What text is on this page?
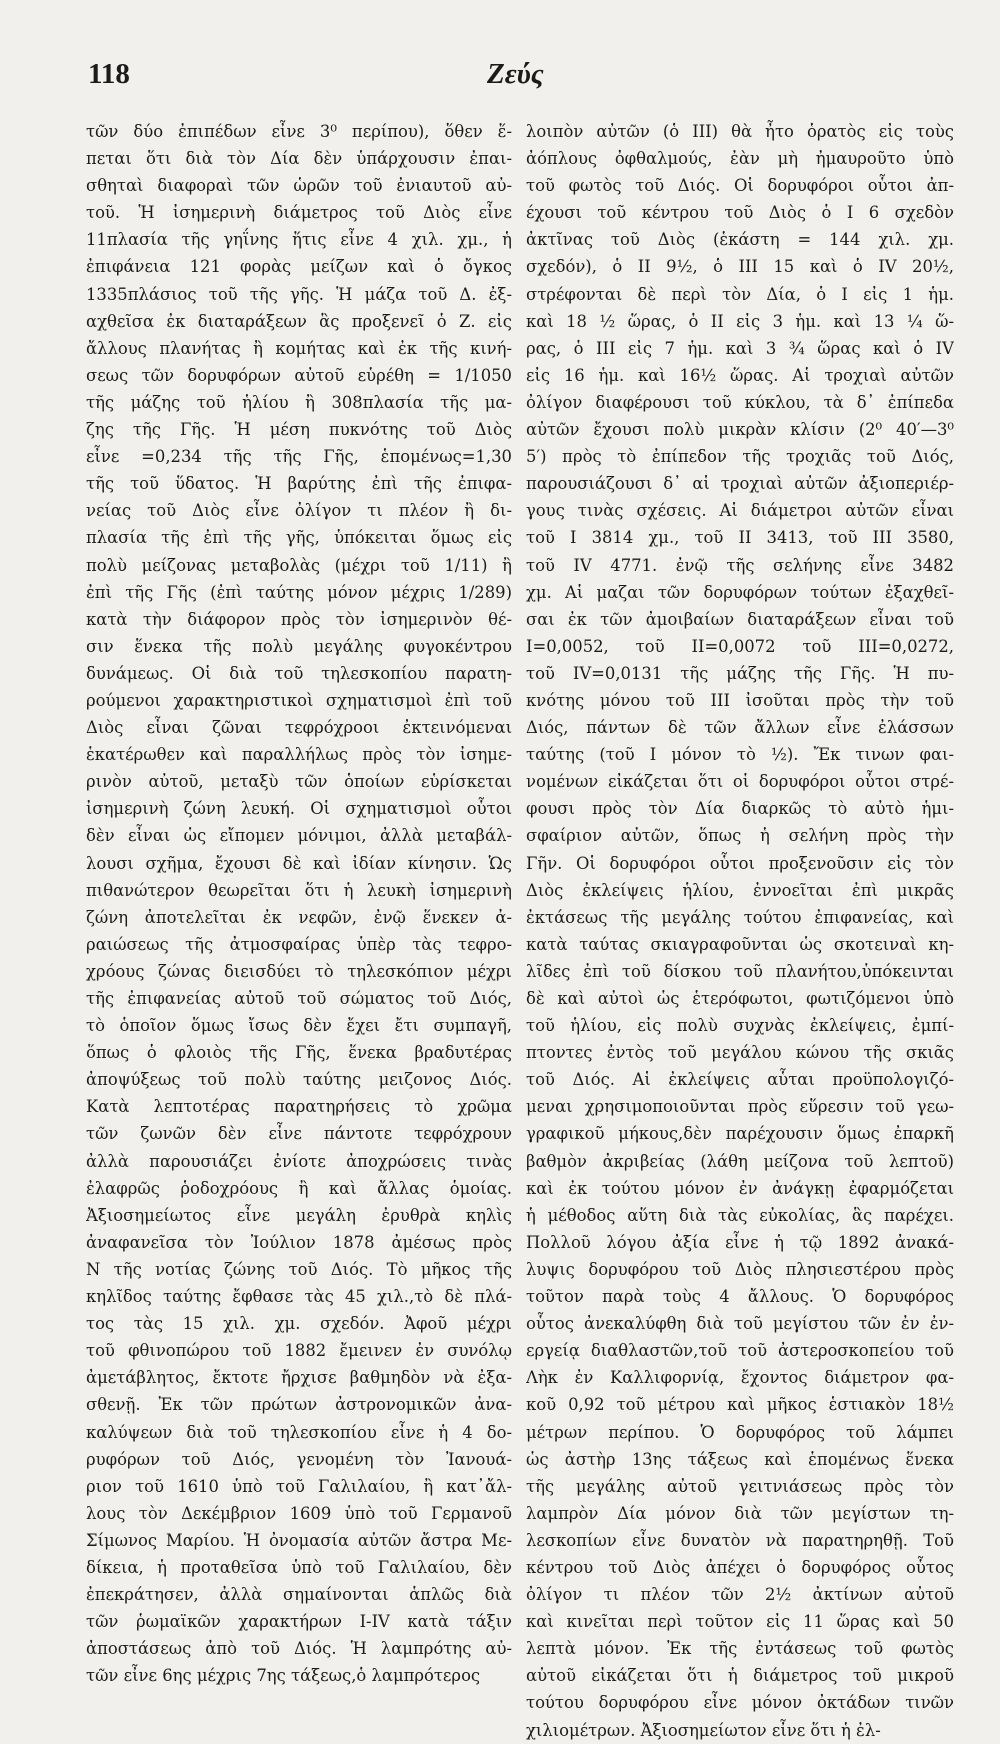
118	Ζεύς
τῶν δύο ἐπιπέδων εἶνε 3⁰ περίπου), ὅθεν ἕ-
πεται ὅτι διὰ τὸν Δία δὲν ὑπάρχουσιν ἐπαι-
σθηταὶ διαφοραὶ τῶν ὡρῶν τοῦ ἐνιαυτοῦ αὐ-
τοῦ. Ἡ ἰσημερινὴ διάμετρος τοῦ Διὸς εἶνε
11πλασία τῆς γηΐνης ἥτις εἶνε 4 χιλ. χμ., ἡ
ἐπιφάνεια 121 φορὰς μείζων καὶ ὁ ὄγκος
1335πλάσιος τοῦ τῆς γῆς. Ἡ μάζα τοῦ Δ. ἐξ-
αχθεῖσα ἐκ διαταράξεων ἃς προξενεῖ ὁ Ζ. εἰς
ἄλλους πλανήτας ἢ κομήτας καὶ ἐκ τῆς κινή-
σεως τῶν δορυφόρων αὐτοῦ εὑρέθη = 1/1050
τῆς μάζης τοῦ ἡλίου ἢ 308πλασία τῆς μα-
ζης τῆς Γῆς. Ἡ μέση πυκνότης τοῦ Διὸς
εἶνε =0,234 τῆς τῆς Γῆς, ἑπομένως=1,30
τῆς τοῦ ὕδατος. Ἡ βαρύτης ἐπὶ τῆς ἐπιφα-
νείας τοῦ Διὸς εἶνε ὀλίγον τι πλέον ἢ δι-
πλασία τῆς ἐπὶ τῆς γῆς, ὑπόκειται ὅμως εἰς
πολὺ μείζονας μεταβολὰς (μέχρι τοῦ 1/11) ἢ
ἐπὶ τῆς Γῆς (ἐπὶ ταύτης μόνον μέχρις 1/289)
κατὰ τὴν διάφορον πρὸς τὸν ἰσημερινὸν θέ-
σιν ἕνεκα τῆς πολὺ μεγάλης φυγοκέντρου
δυνάμεως. Οἱ διὰ τοῦ τηλεσκοπίου παρατη-
ρούμενοι χαρακτηριστικοὶ σχηματισμοὶ ἐπὶ τοῦ
Διὸς εἶναι ζῶναι τεφρόχροοι ἐκτεινόμεναι
ἑκατέρωθεν καὶ παραλλήλως πρὸς τὸν ἰσημε-
ρινὸν αὐτοῦ, μεταξὺ τῶν ὁποίων εὑρίσκεται
ἰσημερινὴ ζώνη λευκή. Οἱ σχηματισμοὶ οὗτοι
δὲν εἶναι ὡς εἴπομεν μόνιμοι, ἀλλὰ μεταβάλ-
λουσι σχῆμα, ἔχουσι δὲ καὶ ἰδίαν κίνησιν. Ὡς
πιθανώτερον θεωρεῖται ὅτι ἡ λευκὴ ἰσημερινὴ
ζώνη ἀποτελεῖται ἐκ νεφῶν, ἐνῷ ἕνεκεν ἀ-
ραιώσεως τῆς ἀτμοσφαίρας ὑπὲρ τὰς τεφρο-
χρόους ζώνας διεισδύει τὸ τηλεσκόπιον μέχρι
τῆς ἐπιφανείας αὐτοῦ τοῦ σώματος τοῦ Διός,
τὸ ὁποῖον ὅμως ἴσως δὲν ἔχει ἔτι συμπαγῆ,
ὅπως ὁ φλοιὸς τῆς Γῆς, ἕνεκα βραδυτέρας
ἀποψύξεως τοῦ πολὺ ταύτης μειζονος Διός.
Κατὰ λεπτοτέρας παρατηρήσεις τὸ χρῶμα
τῶν ζωνῶν δὲν εἶνε πάντοτε τεφρόχρουν
ἀλλὰ παρουσιάζει ἐνίοτε ἀποχρώσεις τινὰς
ἐλαφρῶς ῥοδοχρόους ἢ καὶ ἄλλας ὁμοίας.
Ἀξιοσημείωτος εἶνε μεγάλη ἐρυθρὰ κηλὶς
ἀναφανεῖσα τὸν Ἰούλιον 1878 ἀμέσως πρὸς
Ν τῆς νοτίας ζώνης τοῦ Διός. Τὸ μῆκος τῆς
κηλῖδος ταύτης ἔφθασε τὰς 45 χιλ.,τὸ δὲ πλά-
τος τὰς 15 χιλ. χμ. σχεδόν. Ἀφοῦ μέχρι
τοῦ φθινοπώρου τοῦ 1882 ἔμεινεν ἐν συνόλῳ
ἀμετάβλητος, ἔκτοτε ἤρχισε βαθμηδὸν νὰ ἐξα-
σθενῇ. Ἐκ τῶν πρώτων ἀστρονομικῶν ἀνα-
καλύψεων διὰ τοῦ τηλεσκοπίου εἶνε ἡ 4 δο-
ρυφόρων τοῦ Διός, γενομένη τὸν Ἰανουά-
ριον τοῦ 1610 ὑπὸ τοῦ Γαλιλαίου, ἢ κατ᾽ἄλ-
λους τὸν Δεκέμβριον 1609 ὑπὸ τοῦ Γερμανοῦ
Σίμωνος Μαρίου. Ἡ ὀνομασία αὐτῶν ἄστρα Με-
δίκεια, ἡ προταθεῖσα ὑπὸ τοῦ Γαλιλαίου, δὲν
ἐπεκράτησεν, ἀλλὰ σημαίνονται ἁπλῶς διὰ
τῶν ῥωμαϊκῶν χαρακτήρων I-IV κατὰ τάξιν
ἀποστάσεως ἀπὸ τοῦ Διός. Ἡ λαμπρότης αὐ-
τῶν εἶνε 6ης μέχρις 7ης τάξεως,ὁ λαμπρότερος
λοιπὸν αὐτῶν (ὁ III) θὰ ἦτο ὁρατὸς εἰς τοὺς
ἀόπλους ὀφθαλμούς, ἐὰν μὴ ἠμαυροῦτο ὑπὸ
τοῦ φωτὸς τοῦ Διός. Οἱ δορυφόροι οὗτοι ἀπ-
έχουσι τοῦ κέντρου τοῦ Διὸς ὁ I 6 σχεδὸν
ἀκτῖνας τοῦ Διὸς (ἑκάστη = 144 χιλ. χμ.
σχεδόν), ὁ II 9½, ὁ III 15 καὶ ὁ IV 20½,
στρέφονται δὲ περὶ τὸν Δία, ὁ I εἰς 1 ἡμ.
καὶ 18 ½ ὥρας, ὁ II εἰς 3 ἡμ. καὶ 13 ¼ ὥ-
ρας, ὁ III εἰς 7 ἡμ. καὶ 3 ¾ ὥρας καὶ ὁ IV
εἰς 16 ἡμ. καὶ 16½ ὥρας. Αἱ τροχιαὶ αὐτῶν
ὀλίγον διαφέρουσι τοῦ κύκλου, τὰ δ᾽ ἐπίπεδα
αὐτῶν ἔχουσι πολὺ μικρὰν κλίσιν (2⁰ 40′—3⁰
5′) πρὸς τὸ ἐπίπεδον τῆς τροχιᾶς τοῦ Διός,
παρουσιάζουσι δ᾽ αἱ τροχιαὶ αὐτῶν ἀξιοπεριέρ-
γους τινὰς σχέσεις. Αἱ διάμετροι αὐτῶν εἶναι
τοῦ I 3814 χμ., τοῦ II 3413, τοῦ III 3580,
τοῦ IV 4771. ἐνῷ τῆς σελήνης εἶνε 3482
χμ. Αἱ μαζαι τῶν δορυφόρων τούτων ἐξαχθεῖ-
σαι ἐκ τῶν ἀμοιβαίων διαταράξεων εἶναι τοῦ
I=0,0052, τοῦ II=0,0072 τοῦ III=0,0272,
τοῦ IV=0,0131 τῆς μάζης τῆς Γῆς. Ἡ πυ-
κνότης μόνου τοῦ III ἰσοῦται πρὸς τὴν τοῦ
Διός, πάντων δὲ τῶν ἄλλων εἶνε ἐλάσσων
ταύτης (τοῦ I μόνον τὸ ½). Ἔκ τινων φαι-
νομένων εἰκάζεται ὅτι οἱ δορυφόροι οὗτοι στρέ-
φουσι πρὸς τὸν Δία διαρκῶς τὸ αὐτὸ ἡμι-
σφαίριον αὐτῶν, ὅπως ἡ σελήνη πρὸς τὴν
Γῆν. Οἱ δορυφόροι οὗτοι προξενοῦσιν εἰς τὸν
Διὸς ἐκλείψεις ἡλίου, ἐννοεῖται ἐπὶ μικρᾶς
ἐκτάσεως τῆς μεγάλης τούτου ἐπιφανείας, καὶ
κατὰ ταύτας σκιαγραφοῦνται ὡς σκοτειναὶ κη-
λῖδες ἐπὶ τοῦ δίσκου τοῦ πλανήτου,ὑπόκεινται
δὲ καὶ αὐτοὶ ὡς ἑτερόφωτοι, φωτιζόμενοι ὑπὸ
τοῦ ἡλίου, εἰς πολὺ συχνὰς ἐκλείψεις, ἐμπί-
πτοντες ἐντὸς τοῦ μεγάλου κώνου τῆς σκιᾶς
τοῦ Διός. Αἱ ἐκλείψεις αὗται προϋπολογιζό-
μεναι χρησιμοποιοῦνται πρὸς εὕρεσιν τοῦ γεω-
γραφικοῦ μήκους,δὲν παρέχουσιν ὅμως ἐπαρκῆ
βαθμὸν ἀκριβείας (λάθη μείζονα τοῦ λεπτοῦ)
καὶ ἐκ τούτου μόνον ἐν ἀνάγκῃ ἐφαρμόζεται
ἡ μέθοδος αὕτη διὰ τὰς εὐκολίας, ἃς παρέχει.
Πολλοῦ λόγου ἀξία εἶνε ἡ τῷ 1892 ἀνακά-
λυψις δορυφόρου τοῦ Διὸς πλησιεστέρου πρὸς
τοῦτον παρὰ τοὺς 4 ἄλλους. Ὁ δορυφόρος
οὗτος ἀνεκαλύφθη διὰ τοῦ μεγίστου τῶν ἐν ἐν-
εργείᾳ διαθλαστῶν,τοῦ τοῦ ἀστεροσκοπείου τοῦ
Λὴκ ἐν Καλλιφορνίᾳ, ἔχοντος διάμετρον φα-
κοῦ 0,92 τοῦ μέτρου καὶ μῆκος ἑστιακὸν 18½
μέτρων περίπου. Ὁ δορυφόρος τοῦ λάμπει
ὡς ἀστὴρ 13ης τάξεως καὶ ἑπομένως ἕνεκα
τῆς μεγάλης αὐτοῦ γειτνιάσεως πρὸς τὸν
λαμπρὸν Δία μόνον διὰ τῶν μεγίστων τη-
λεσκοπίων εἶνε δυνατὸν νὰ παρατηρηθῇ. Τοῦ
κέντρου τοῦ Διὸς ἀπέχει ὁ δορυφόρος οὗτος
ὀλίγον τι πλέον τῶν 2½ ἀκτίνων αὐτοῦ
καὶ κινεῖται περὶ τοῦτον εἰς 11 ὥρας καὶ 50
λεπτὰ μόνον. Ἐκ τῆς ἐντάσεως τοῦ φωτὸς
αὐτοῦ εἰκάζεται ὅτι ἡ διάμετρος τοῦ μικροῦ
τούτου δορυφόρου εἶνε μόνον ὀκτάδων τινῶν
χιλιομέτρων. Ἀξιοσημείωτον εἶνε ὅτι ἡ ἐλ-
